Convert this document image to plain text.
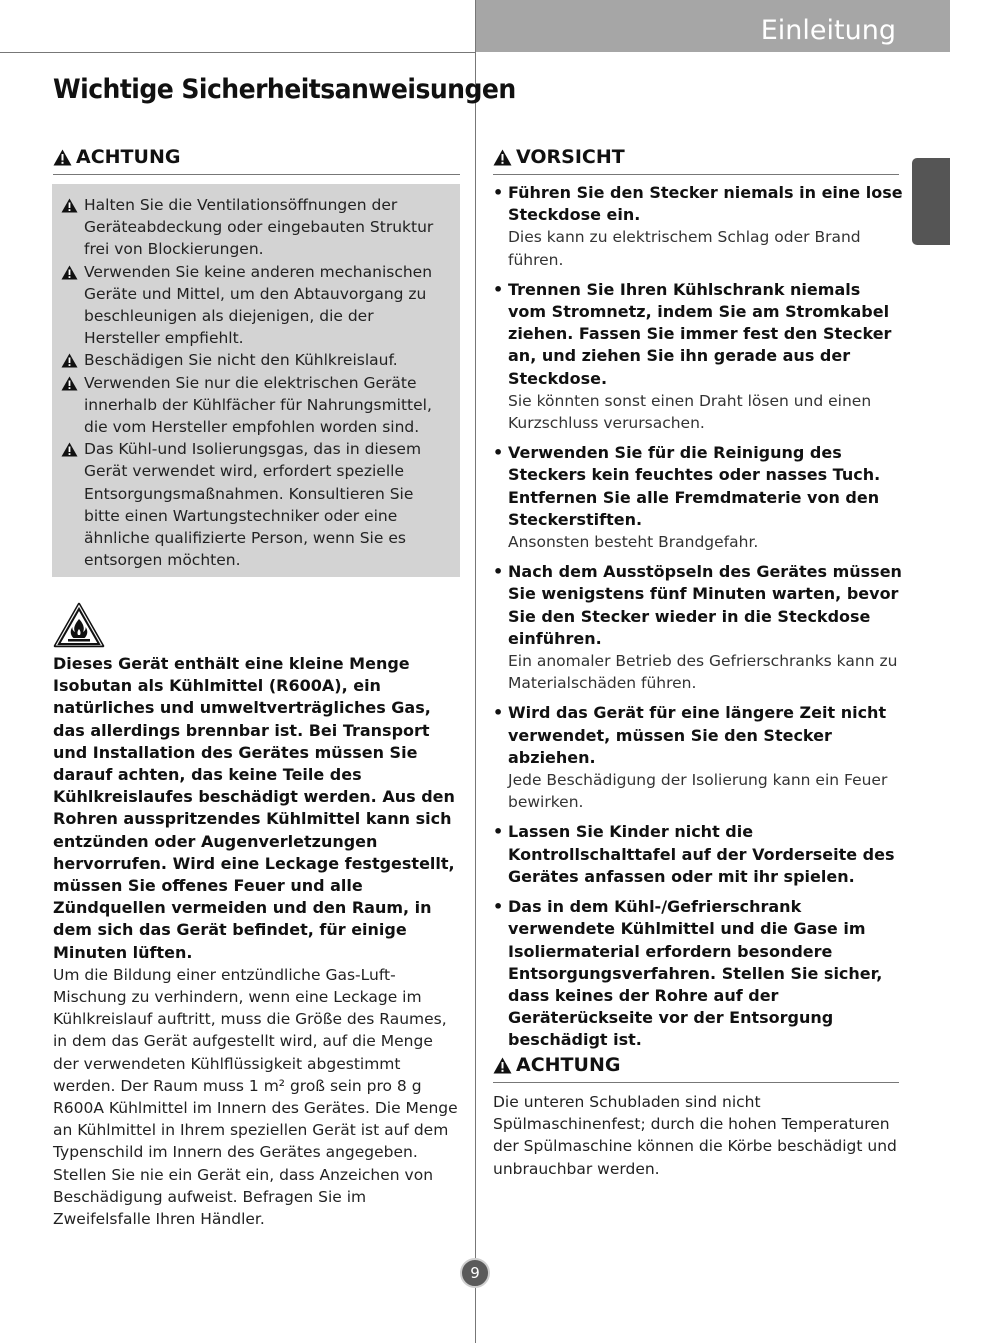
Einleitung
Wichtige Sicherheitsanweisungen
ACHTUNG
Halten Sie die Ventilationsöffnungen der Geräteabdeckung oder eingebauten Struktur frei von Blockierungen.
Verwenden Sie keine anderen mechanischen Geräte und Mittel, um den Abtauvorgang zu beschleunigen als diejenigen, die der Hersteller empfiehlt.
Beschädigen Sie nicht den Kühlkreislauf.
Verwenden Sie nur die elektrischen Geräte innerhalb der Kühlfächer für Nahrungsmittel, die vom Hersteller empfohlen worden sind.
Das Kühl-und Isolierungsgas, das in diesem Gerät verwendet wird, erfordert spezielle Entsorgungsmaßnahmen. Konsultieren Sie bitte einen Wartungstechniker oder eine ähnliche qualifizierte Person, wenn Sie es entsorgen möchten.

Dieses Gerät enthält eine kleine Menge Isobutan als Kühlmittel (R600A), ein natürliches und umweltverträgliches Gas, das allerdings brennbar ist. Bei Transport und Installation des Gerätes müssen Sie darauf achten, das keine Teile des Kühlkreislaufes beschädigt werden. Aus den Rohren ausspritzendes Kühlmittel kann sich entzünden oder Augenverletzungen hervorrufen. Wird eine Leckage festgestellt, müssen Sie offenes Feuer und alle Zündquellen vermeiden und den Raum, in dem sich das Gerät befindet, für einige Minuten lüften.

Um die Bildung einer entzündliche Gas-Luft-Mischung zu verhindern, wenn eine Leckage im Kühlkreislauf auftritt, muss die Größe des Raumes, in dem das Gerät aufgestellt wird, auf die Menge der verwendeten Kühlflüssigkeit abgestimmt werden. Der Raum muss 1 m² groß sein pro 8 g R600A Kühlmittel im Innern des Gerätes. Die Menge an Kühlmittel in Ihrem speziellen Gerät ist auf dem Typenschild im Innern des Gerätes angegeben.

Stellen Sie nie ein Gerät ein, dass Anzeichen von Beschädigung aufweist. Befragen Sie im Zweifelsfalle Ihren Händler.

VORSICHT
• Führen Sie den Stecker niemals in eine lose Steckdose ein.
Dies kann zu elektrischem Schlag oder Brand führen.
• Trennen Sie Ihren Kühlschrank niemals vom Stromnetz, indem Sie am Stromkabel ziehen. Fassen Sie immer fest den Stecker an, und ziehen Sie ihn gerade aus der Steckdose.
Sie könnten sonst einen Draht lösen und einen Kurzschluss verursachen.
• Verwenden Sie für die Reinigung des Steckers kein feuchtes oder nasses Tuch. Entfernen Sie alle Fremdmaterie von den Steckerstiften.
Ansonsten besteht Brandgefahr.
• Nach dem Ausstöpseln des Gerätes müssen Sie wenigstens fünf Minuten warten, bevor Sie den Stecker wieder in die Steckdose einführen.
Ein anomaler Betrieb des Gefrierschranks kann zu Materialschäden führen.
• Wird das Gerät für eine längere Zeit nicht verwendet, müssen Sie den Stecker abziehen.
Jede Beschädigung der Isolierung kann ein Feuer bewirken.
• Lassen Sie Kinder nicht die Kontrollschalttafel auf der Vorderseite des Gerätes anfassen oder mit ihr spielen.
• Das in dem Kühl-/Gefrierschrank verwendete Kühlmittel und die Gase im Isoliermaterial erfordern besondere Entsorgungsverfahren. Stellen Sie sicher, dass keines der Rohre auf der Geräterückseite vor der Entsorgung beschädigt ist.
ACHTUNG

Die unteren Schubladen sind nicht Spülmaschinenfest; durch die hohen Temperaturen der Spülmaschine können die Körbe beschädigt und unbrauchbar werden.

DEUTSCH
9
